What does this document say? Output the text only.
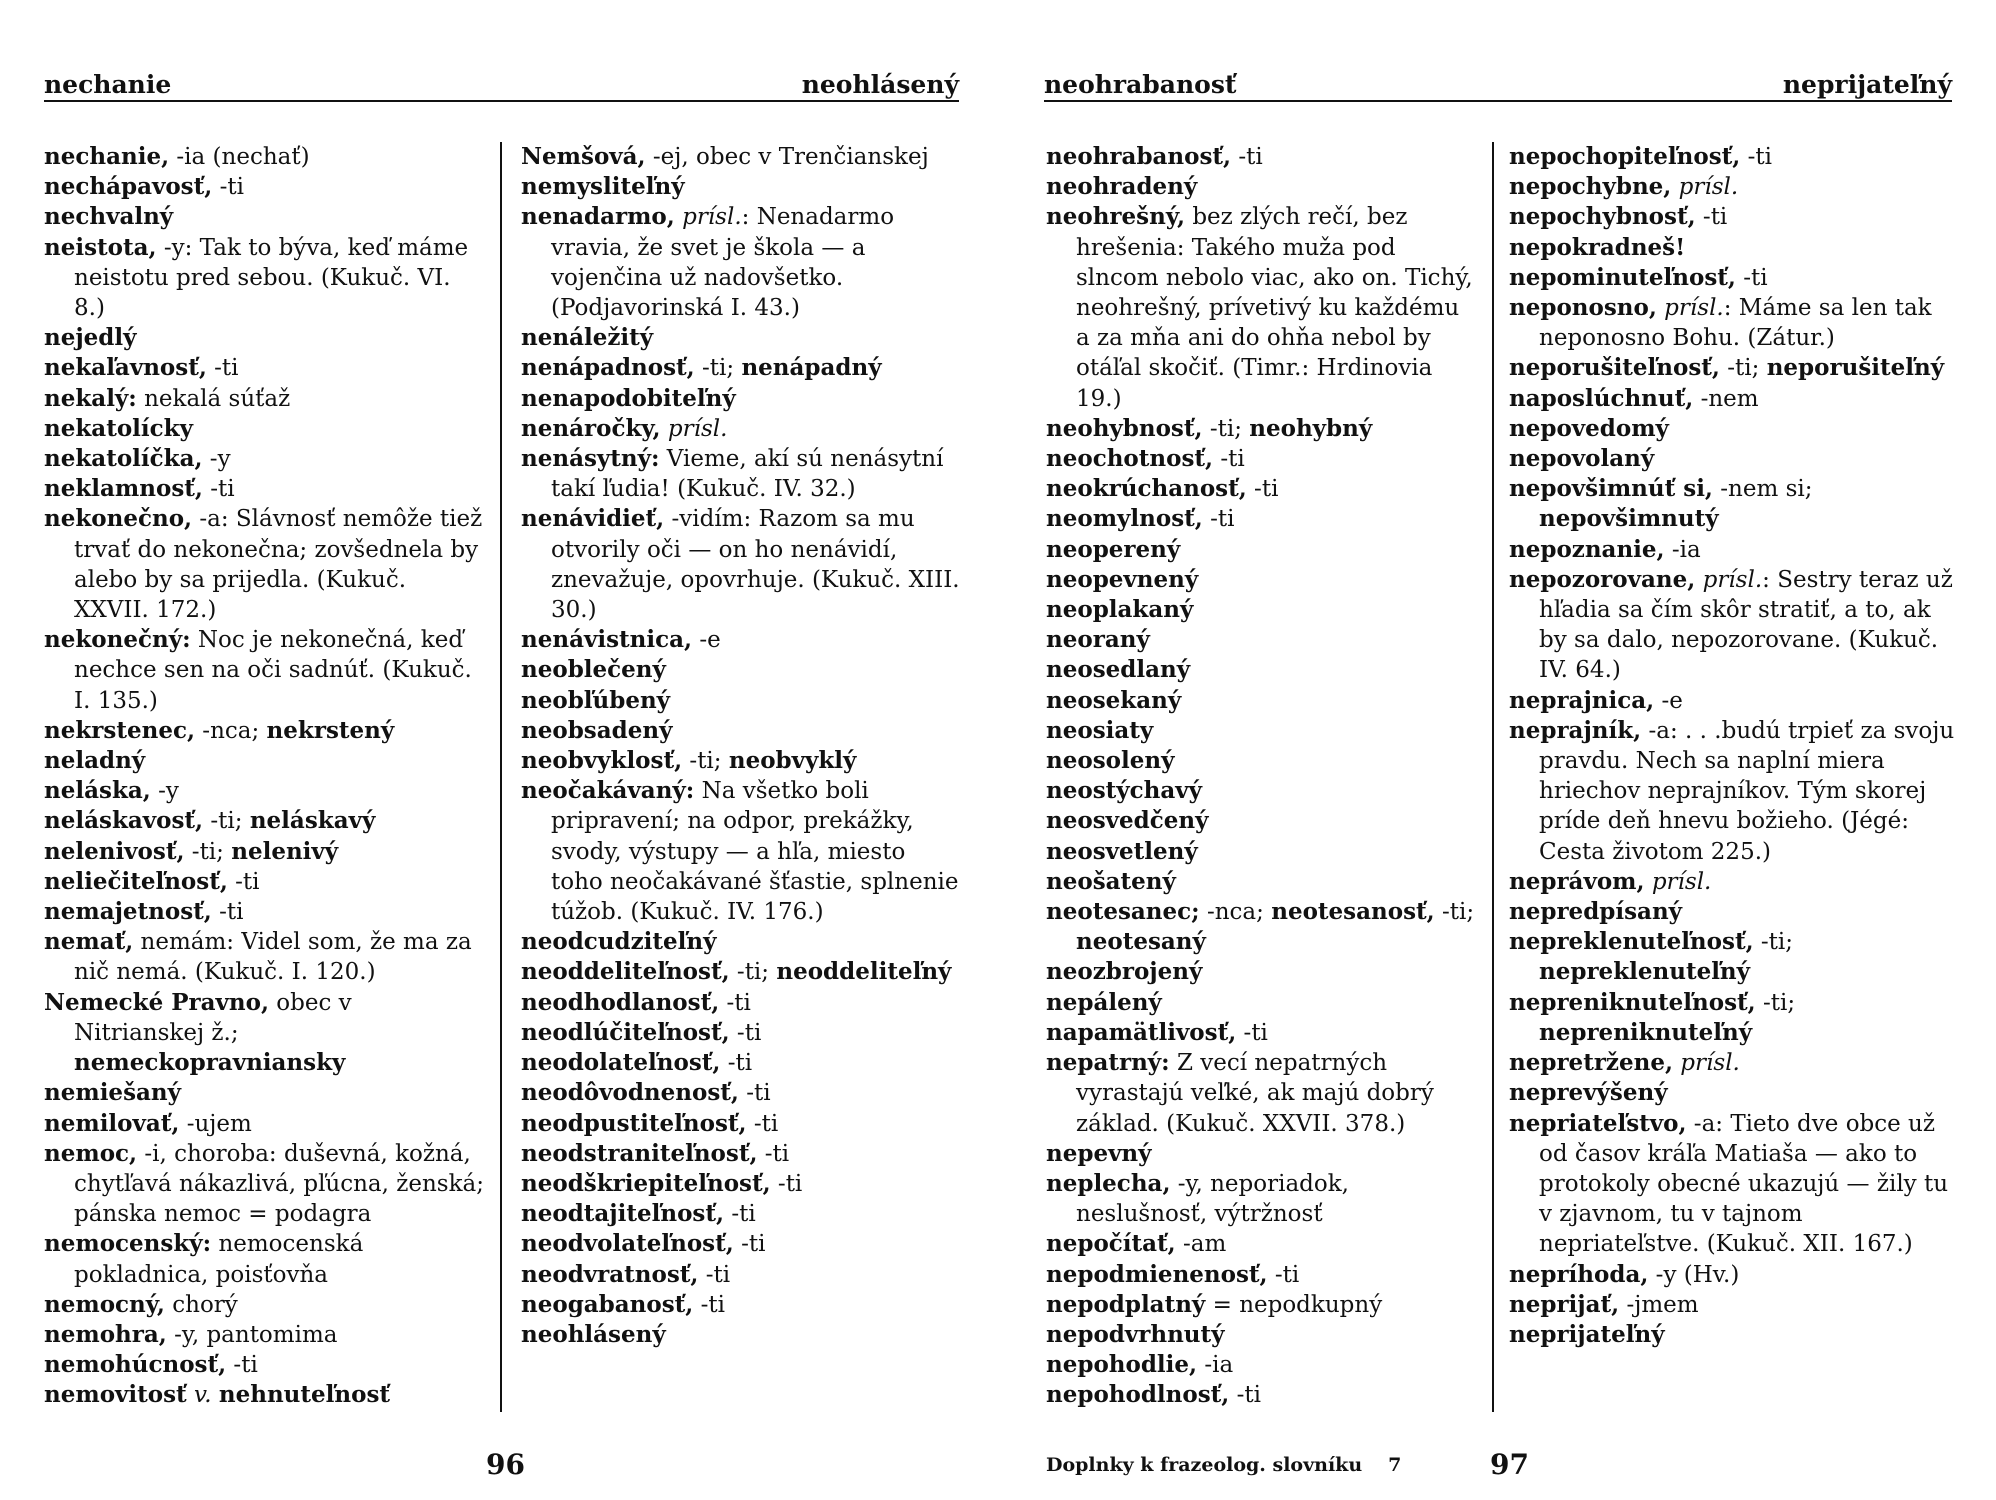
nechanie	neohlásený

nechanie, -ia (nechať)

nechápavosť, -ti

nechvalný

neistota, -y: Tak to býva, keď máme neistotu pred sebou. (Kukuč. VI. 8.)

nejedlý

nekaľavnosť, -ti

nekalý: nekalá súťaž

nekatolícky

nekatolíčka, -y

neklamnosť, -ti

nekonečno, -a: Slávnosť nemôže tiež trvať do nekonečna; zovšednela by alebo by sa prijedla. (Kukuč. XXVII. 172.)

nekonečný: Noc je nekonečná, keď nechce sen na oči sadnúť. (Kukuč. I. 135.)

nekrstenec, -nca; nekrstený

neladný

neláska, -y

neláskavosť, -ti; neláskavý

nelenivosť, -ti; nelenivý

neliečiteľnosť, -ti

nemajetnosť, -ti

nemať, nemám: Videl som, že ma za nič nemá. (Kukuč. I. 120.)

Nemecké Pravno, obec v Nitrianskej ž.; nemeckopravniansky

nemiešaný

nemilovať, -ujem

nemoc, -i, choroba: duševná, kožná, chytľavá nákazlivá, pľúcna, ženská; pánska nemoc = podagra

nemocenský: nemocenská pokladnica, poisťovňa

nemocný, chorý

nemohra, -y, pantomima

nemohúcnosť, -ti

nemovitosť v. nehnuteľnosť

Nemšová, -ej, obec v Trenčianskej

nemysliteľný

nenadarmo, prísl.: Nenadarmo vravia, že svet je škola — a vojenčina už nadovšetko. (Podjavorinská I. 43.)

nenáležitý

nenápadnosť, -ti; nenápadný

nenapodobiteľný

nenáročky, prísl.

nenásytný: Vieme, akí sú nenásytní takí ľudia! (Kukuč. IV. 32.)

nenávidieť, -vidím: Razom sa mu otvorily oči — on ho nenávidí, znevažuje, opovrhuje. (Kukuč. XIII. 30.)

nenávistnica, -e

neoblečený

neobľúbený

neobsadený

neobvyklosť, -ti; neobvyklý

neočakávaný: Na všetko boli pripravení; na odpor, prekážky, svody, výstupy — a hľa, miesto toho neočakávané šťastie, splnenie túžob. (Kukuč. IV. 176.)

neodcudziteľný

neoddeliteľnosť, -ti; neoddeliteľný

neodhodlanosť, -ti

neodlúčiteľnosť, -ti

neodolateľnosť, -ti

neodôvodnenosť, -ti

neodpustiteľnosť, -ti

neodstraniteľnosť, -ti

neodškriepiteľnosť, -ti

neodtajiteľnosť, -ti

neodvolateľnosť, -ti

neodvratnosť, -ti

neogabanosť, -ti

neohlásený

96
neohrabanosť	neprijateľný

neohrabanosť, -ti

neohradený

neohrešný, bez zlých rečí, bez hrešenia: Takého muža pod slncom nebolo viac, ako on. Tichý, neohrešný, prívetivý ku každému a za mňa ani do ohňa nebol by otáľal skočiť. (Timr.: Hrdinovia 19.)

neohybnosť, -ti; neohybný

neochotnosť, -ti

neokrúchanosť, -ti

neomylnosť, -ti

neoperený

neopevnený

neoplakaný

neoraný

neosedlaný

neosekaný

neosiaty

neosolený

neostýchavý

neosvedčený

neosvetlený

neošatený

neotesanec; -nca; neotesanosť, -ti; neotesaný

neozbrojený

nepálený

napamätlivosť, -ti

nepatrný: Z vecí nepatrných vyrastajú veľké, ak majú dobrý základ. (Kukuč. XXVII. 378.)

nepevný

neplecha, -y, neporiadok, neslušnosť, výtržnosť

nepočítať, -am

nepodmienenosť, -ti

nepodplatný = nepodkupný

nepodvrhnutý

nepohodlie, -ia

nepohodlnosť, -ti

nepochopiteľnosť, -ti

nepochybne, prísl.

nepochybnosť, -ti

nepokradneš!

nepominuteľnosť, -ti

neponosno, prísl.: Máme sa len tak neponosno Bohu. (Zátur.)

neporušiteľnosť, -ti; neporušiteľný

naposlúchnuť, -nem

nepovedomý

nepovolaný

nepovšimnúť si, -nem si; nepovšimnutý

nepoznanie, -ia

nepozorovane, prísl.: Sestry teraz už hľadia sa čím skôr stratiť, a to, ak by sa dalo, nepozorovane. (Kukuč. IV. 64.)

neprajnica, -e

neprajník, -a: . . .budú trpieť za svoju pravdu. Nech sa naplní miera hriechov neprajníkov. Tým skorej príde deň hnevu božieho. (Jégé: Cesta životom 225.)

neprávom, prísl.

nepredpísaný

nepreklenuteľnosť, -ti; nepreklenuteľný

nepreniknuteľnosť, -ti; nepreniknuteľný

nepretržene, prísl.

neprevýšený

nepriateľstvo, -a: Tieto dve obce už od časov kráľa Matiaša — ako to protokoly obecné ukazujú — žily tu v zjavnom, tu v tajnom nepriateľstve. (Kukuč. XII. 167.)

nepríhoda, -y (Hv.)

neprijať, -jmem

neprijateľný

Doplnky k frazeolog. slovníku 7	97
